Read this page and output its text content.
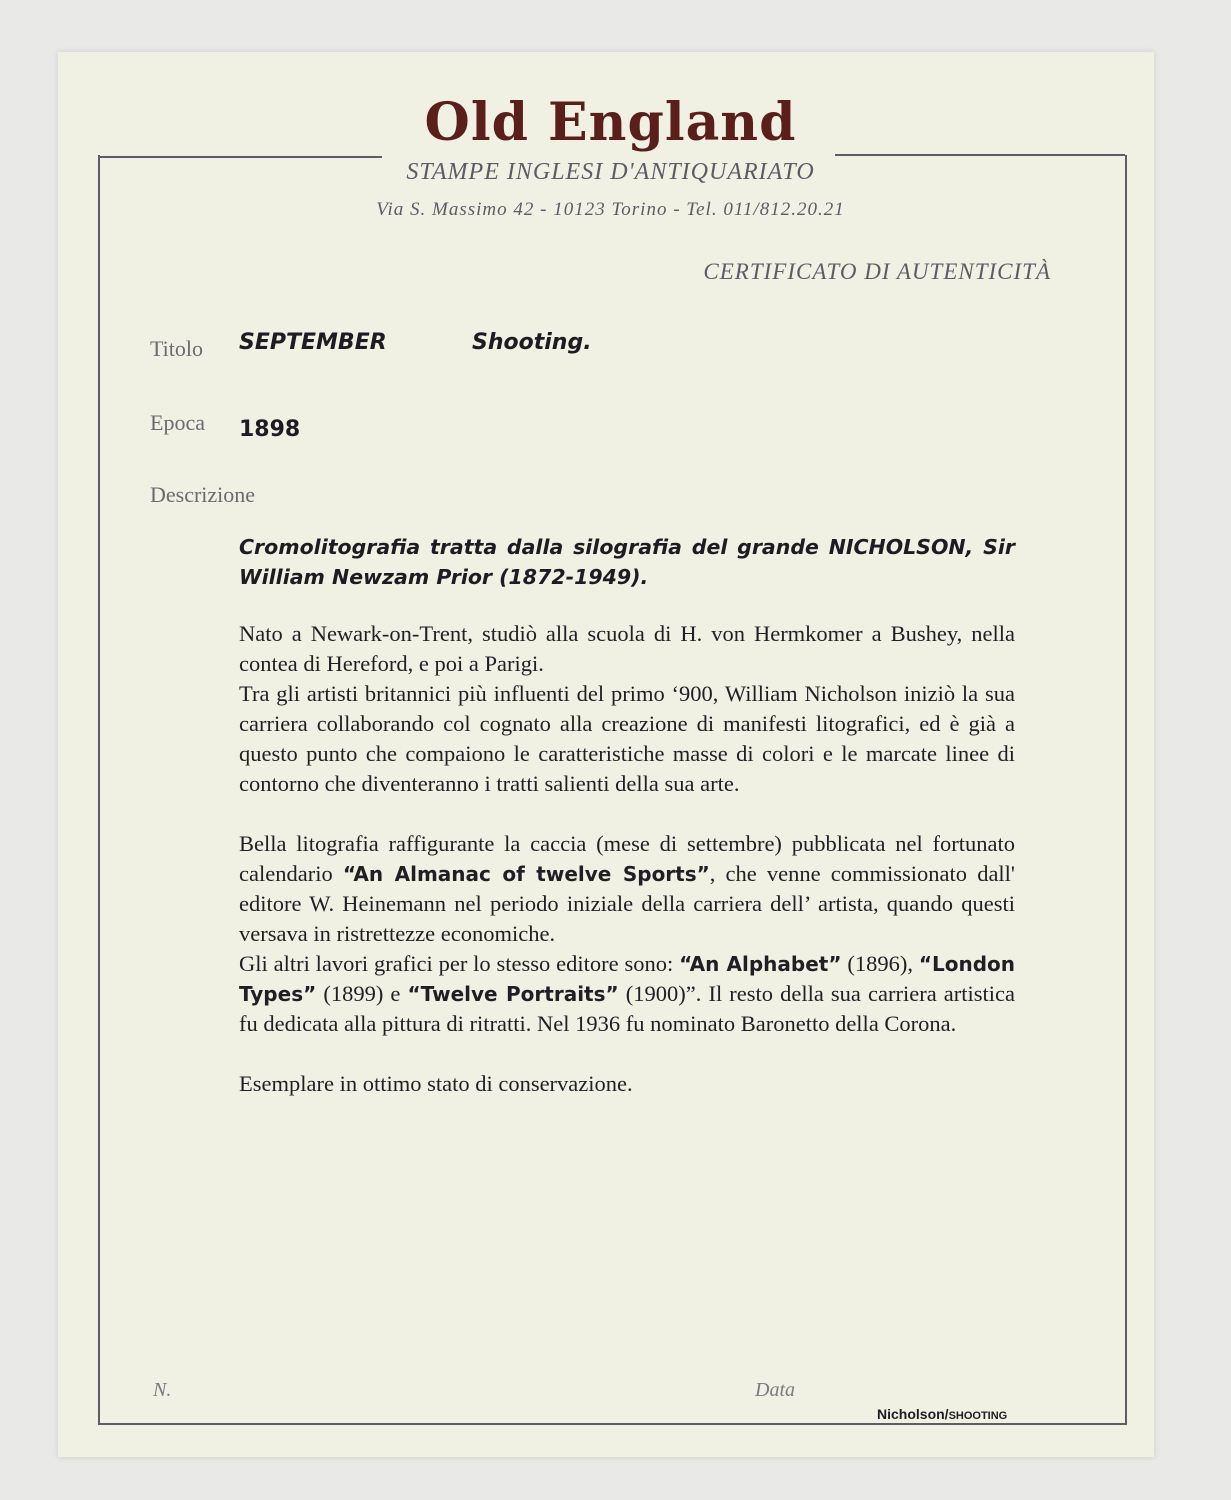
Old England
STAMPE INGLESI D'ANTIQUARIATO
Via S. Massimo 42 - 10123 Torino - Tel. 011/812.20.21
CERTIFICATO DI AUTENTICITÀ
Titolo SEPTEMBER	Shooting.
Epoca 1898
Descrizione
Cromolitografia tratta dalla silografia del grande NICHOLSON, Sir William Newzam Prior (1872-1949).

Nato a Newark-on-Trent, studiò alla scuola di H. von Hermkomer a Bushey, nella contea di Hereford, e poi a Parigi.

Tra gli artisti britannici più influenti del primo ‘900, William Nicholson iniziò la sua carriera collaborando col cognato alla creazione di manifesti litografici, ed è già a questo punto che compaiono le caratteristiche masse di colori e le marcate linee di contorno che diventeranno i tratti salienti della sua arte.

Bella litografia raffigurante la caccia (mese di settembre) pubblicata nel fortunato calendario “An Almanac of twelve Sports”, che venne commissionato dall' editore W. Heinemann nel periodo iniziale della carriera dell’ artista, quando questi versava in ristrettezze economiche.

Gli altri lavori grafici per lo stesso editore sono: “An Alphabet” (1896), “London Types” (1899) e “Twelve Portraits” (1900)”. Il resto della sua carriera artistica fu dedicata alla pittura di ritratti. Nel 1936 fu nominato Baronetto della Corona.

Esemplare in ottimo stato di conservazione.

N.	Data
Nicholson/SHOOTING
